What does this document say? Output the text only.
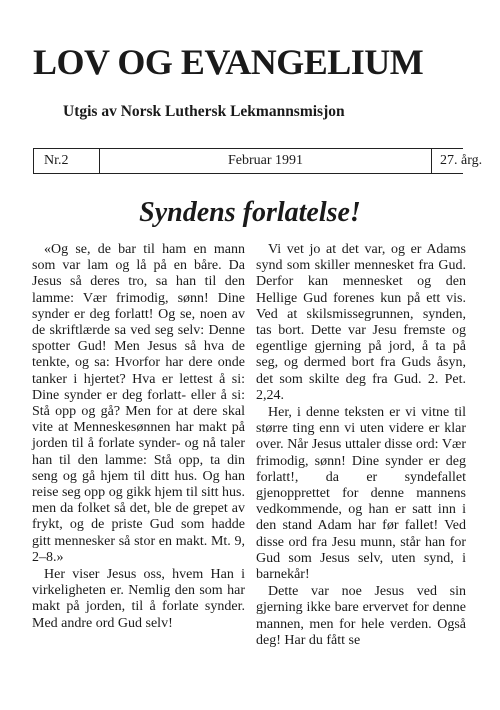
LOV OG EVANGELIUM
Utgis av Norsk Luthersk Lekmannsmisjon
Nr.2	Februar 1991	27. årg.
Syndens forlatelse!

«Og se, de bar til ham en mann som var lam og lå på en båre. Da Jesus så deres tro, sa han til den lamme: Vær frimodig, sønn! Dine synder er deg forlatt! Og se, noen av de skriftlærde sa ved seg selv: Denne spotter Gud! Men Jesus så hva de tenkte, og sa: Hvorfor har dere onde tanker i hjertet? Hva er lettest å si: Dine synder er deg forlatt- eller å si: Stå opp og gå? Men for at dere skal vite at Menneskesønnen har makt på jorden til å forlate synder- og nå taler han til den lamme: Stå opp, ta din seng og gå hjem til ditt hus. Og han reise seg opp og gikk hjem til sitt hus. men da folket så det, ble de grepet av frykt, og de priste Gud som hadde gitt mennesker så stor en makt. Mt. 9, 2–8.»

Her viser Jesus oss, hvem Han i virkeligheten er. Nemlig den som har makt på jorden, til å forlate synder. Med andre ord Gud selv!

Vi vet jo at det var, og er Adams synd som skiller mennesket fra Gud. Derfor kan mennesket og den Hellige Gud forenes kun på ett vis. Ved at skilsmissegrunnen, synden, tas bort. Dette var Jesu fremste og egentlige gjerning på jord, å ta på seg, og dermed bort fra Guds åsyn, det som skilte deg fra Gud. 2. Pet. 2,24.

Her, i denne teksten er vi vitne til større ting enn vi uten videre er klar over. Når Jesus uttaler disse ord: Vær frimodig, sønn! Dine synder er deg forlatt!, da er syndefallet gjenopprettet for denne mannens vedkommende, og han er satt inn i den stand Adam har før fallet! Ved disse ord fra Jesu munn, står han for Gud som Jesus selv, uten synd, i barnekår!

Dette var noe Jesus ved sin gjerning ikke bare ervervet for denne mannen, men for hele verden. Også deg! Har du fått se
